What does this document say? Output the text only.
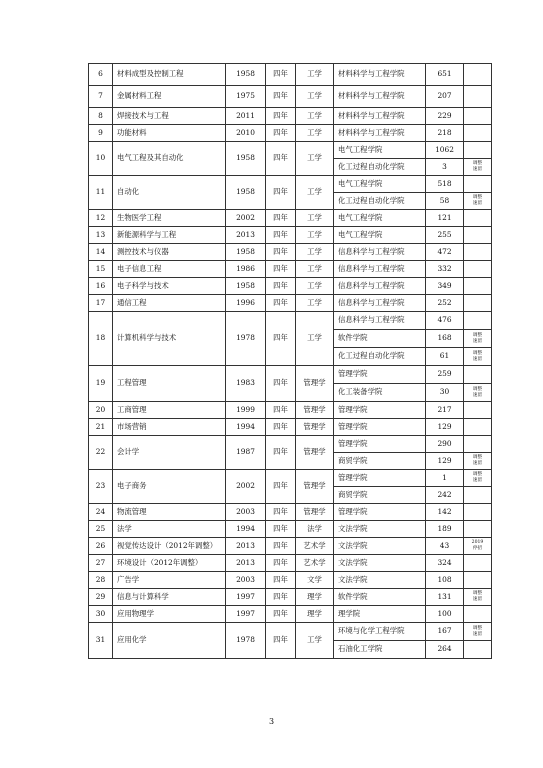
6	材料成型及控制工程	1958	四年	工学	材料科学与工程学院	651	
7	金属材料工程	1975	四年	工学	材料科学与工程学院	207	
8	焊接技术与工程	2011	四年	工学	材料科学与工程学院	229	
9	功能材料	2010	四年	工学	材料科学与工程学院	218	
10	电气工程及其自动化	1958	四年	工学	电气工程学院	1062	
					化工过程自动化学院	3	调整
速留
11	自动化	1958	四年	工学	电气工程学院	518	
					化工过程自动化学院	58	调整
速留
12	生物医学工程	2002	四年	工学	电气工程学院	121	
13	新能源科学与工程	2013	四年	工学	电气工程学院	255	
14	测控技术与仪器	1958	四年	工学	信息科学与工程学院	472	
15	电子信息工程	1986	四年	工学	信息科学与工程学院	332	
16	电子科学与技术	1958	四年	工学	信息科学与工程学院	349	
17	通信工程	1996	四年	工学	信息科学与工程学院	252	
18	计算机科学与技术	1978	四年	工学	信息科学与工程学院	476	
					软件学院	168	调整
速留
					化工过程自动化学院	61	调整
速留
19	工程管理	1983	四年	管理学	管理学院	259	
					化工装备学院	30	调整
速留
20	工商管理	1999	四年	管理学	管理学院	217	
21	市场营销	1994	四年	管理学	管理学院	129	
22	会计学	1987	四年	管理学	管理学院	290	
					商贸学院	129	调整
速留
23	电子商务	2002	四年	管理学	管理学院	1	调整
速留
					商贸学院	242	
24	物流管理	2003	四年	管理学	管理学院	142	
25	法学	1994	四年	法学	文法学院	189	
26	视觉传达设计（2012年调整）	2013	四年	艺术学	文法学院	43	2019
停招
27	环境设计（2012年调整）	2013	四年	艺术学	文法学院	324	
28	广告学	2003	四年	文学	文法学院	108	
29	信息与计算科学	1997	四年	理学	软件学院	131	调整
速留
30	应用物理学	1997	四年	理学	理学院	100	
31	应用化学	1978	四年	工学	环境与化学工程学院	167	调整
速留
					石油化工学院	264	
3
